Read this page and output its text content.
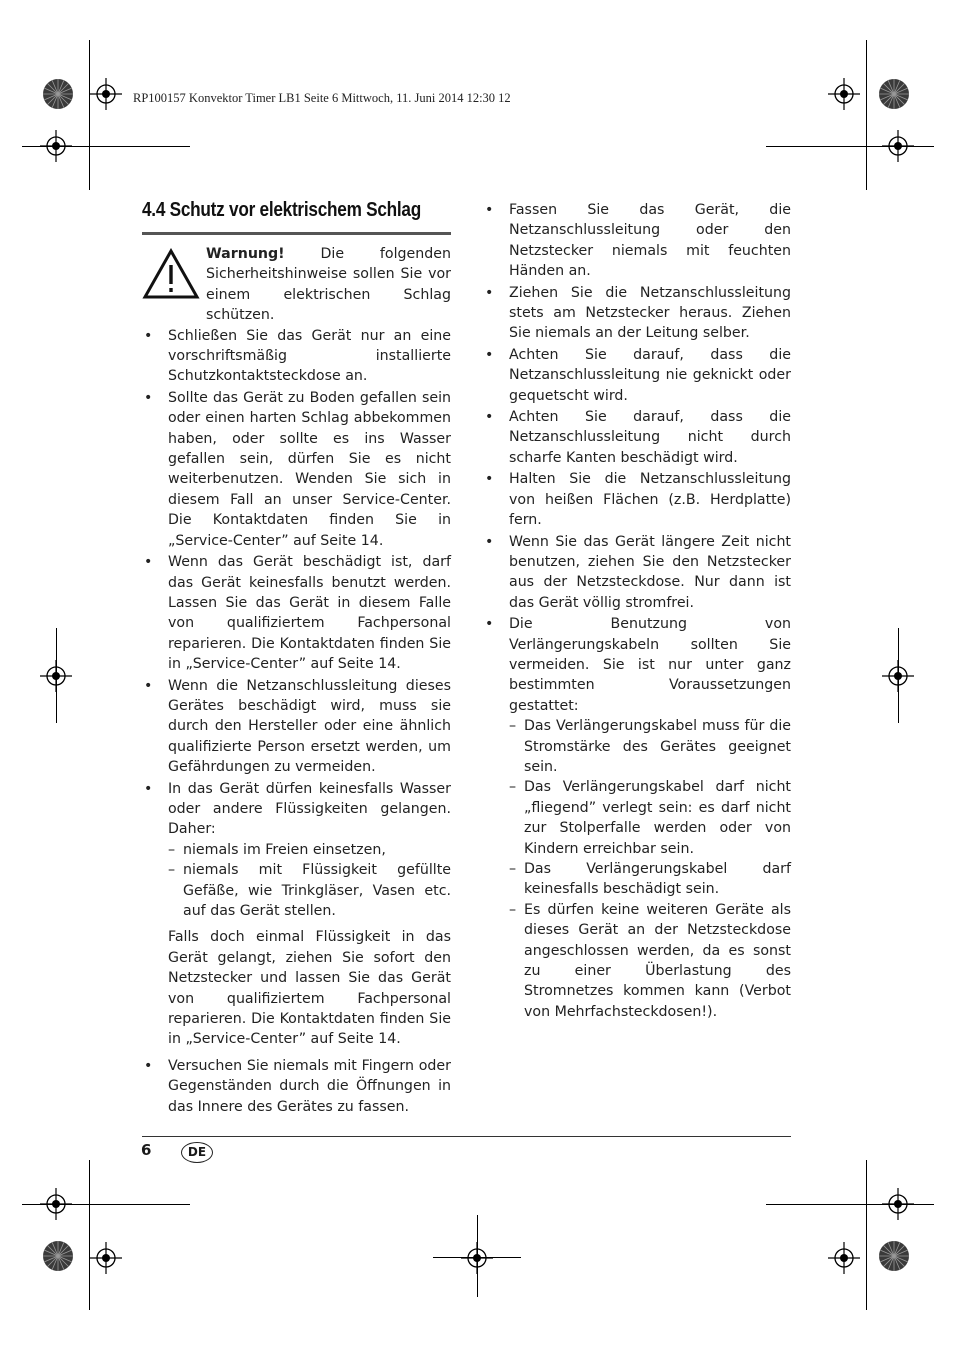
RP100157 Konvektor Timer LB1 Seite 6 Mittwoch, 11. Juni 2014 12:30 12
4.4 Schutz vor elektrischem Schlag
Warnung! Die folgenden Sicherheitshinweise sollen Sie vor einem elektrischen Schlag schützen.
• Schließen Sie das Gerät nur an eine vorschriftsmäßig installierte Schutzkontaktsteckdose an.
• Sollte das Gerät zu Boden gefallen sein oder einen harten Schlag abbekommen haben, oder sollte es ins Wasser gefallen sein, dürfen Sie es nicht weiterbenutzen. Wenden Sie sich in diesem Fall an unser Service-Center. Die Kontaktdaten finden Sie in „Service-Center” auf Seite 14.
• Wenn das Gerät beschädigt ist, darf das Gerät keinesfalls benutzt werden. Lassen Sie das Gerät in diesem Falle von qualifiziertem Fachpersonal reparieren. Die Kontaktdaten finden Sie in „Service-Center” auf Seite 14.
• Wenn die Netzanschlussleitung dieses Gerätes beschädigt wird, muss sie durch den Hersteller oder eine ähnlich qualifizierte Person ersetzt werden, um Gefährdungen zu vermeiden.
• In das Gerät dürfen keinesfalls Wasser oder andere Flüssigkeiten gelangen. Daher:
– niemals im Freien einsetzen,
– niemals mit Flüssigkeit gefüllte Gefäße, wie Trinkgläser, Vasen etc. auf das Gerät stellen.
Falls doch einmal Flüssigkeit in das Gerät gelangt, ziehen Sie sofort den Netzstecker und lassen Sie das Gerät von qualifiziertem Fachpersonal reparieren. Die Kontaktdaten finden Sie in „Service-Center” auf Seite 14.
• Versuchen Sie niemals mit Fingern oder Gegenständen durch die Öffnungen in das Innere des Gerätes zu fassen.
• Fassen Sie das Gerät, die Netzanschlussleitung oder den Netzstecker niemals mit feuchten Händen an.
• Ziehen Sie die Netzanschlussleitung stets am Netzstecker heraus. Ziehen Sie niemals an der Leitung selber.
• Achten Sie darauf, dass die Netzanschlussleitung nie geknickt oder gequetscht wird.
• Achten Sie darauf, dass die Netzanschlussleitung nicht durch scharfe Kanten beschädigt wird.
• Halten Sie die Netzanschlussleitung von heißen Flächen (z.B. Herdplatte) fern.
• Wenn Sie das Gerät längere Zeit nicht benutzen, ziehen Sie den Netzstecker aus der Netzsteckdose. Nur dann ist das Gerät völlig stromfrei.
• Die Benutzung von Verlängerungskabeln sollten Sie vermeiden. Sie ist nur unter ganz bestimmten Voraussetzungen gestattet:
– Das Verlängerungskabel muss für die Stromstärke des Gerätes geeignet sein.
– Das Verlängerungskabel darf nicht „fliegend” verlegt sein: es darf nicht zur Stolperfalle werden oder von Kindern erreichbar sein.
– Das Verlängerungskabel darf keinesfalls beschädigt sein.
– Es dürfen keine weiteren Geräte als dieses Gerät an der Netzsteckdose angeschlossen werden, da es sonst zu einer Überlastung des Stromnetzes kommen kann (Verbot von Mehrfachsteckdosen!).
6	DE
